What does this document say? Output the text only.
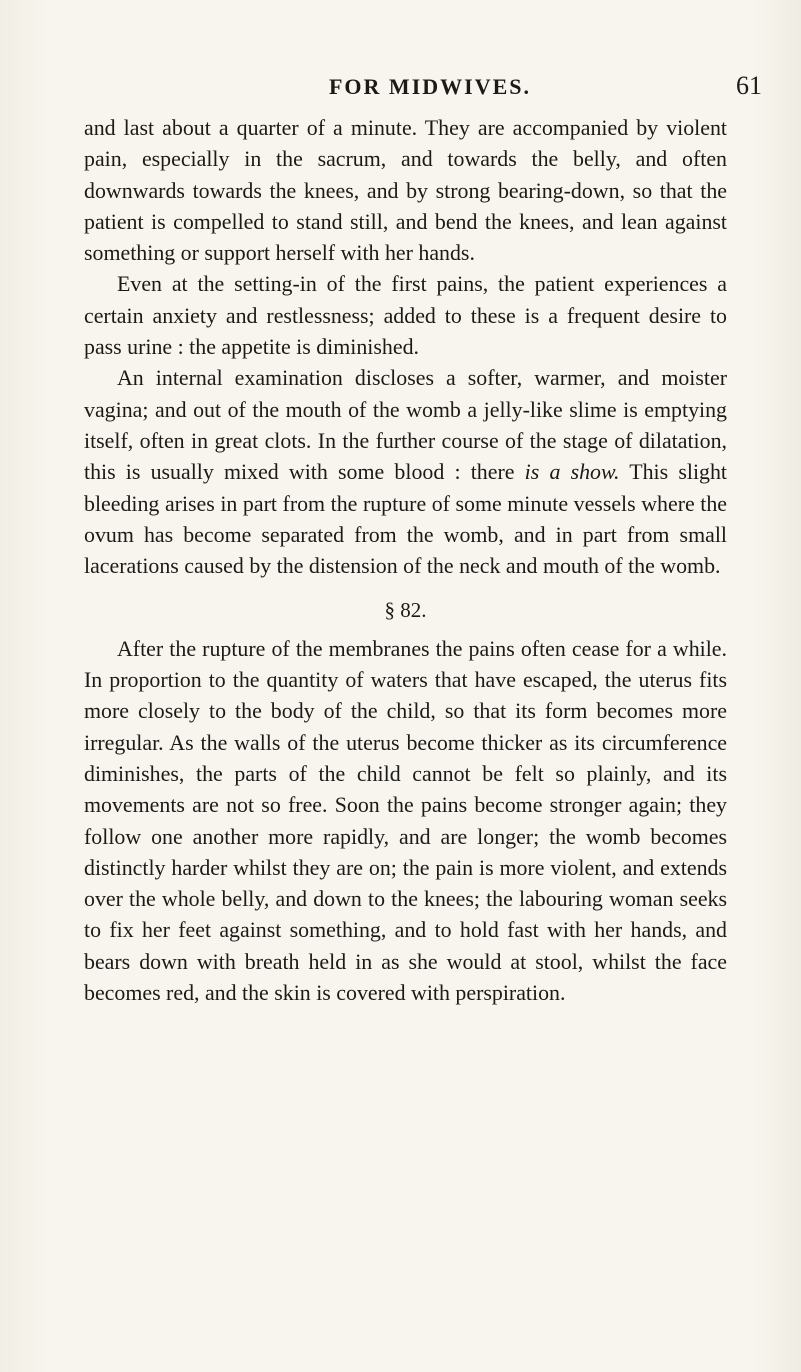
FOR MIDWIVES.	61

and last about a quarter of a minute. They are accompanied by violent pain, especially in the sacrum, and towards the belly, and often downwards towards the knees, and by strong bearing-down, so that the patient is compelled to stand still, and bend the knees, and lean against something or support herself with her hands.

Even at the setting-in of the first pains, the patient experiences a certain anxiety and restlessness; added to these is a frequent desire to pass urine : the appetite is diminished.

An internal examination discloses a softer, warmer, and moister vagina; and out of the mouth of the womb a jelly-like slime is emptying itself, often in great clots. In the further course of the stage of dilatation, this is usually mixed with some blood : there is a show. This slight bleeding arises in part from the rupture of some minute vessels where the ovum has become separated from the womb, and in part from small lacerations caused by the distension of the neck and mouth of the womb.

§ 82.

After the rupture of the membranes the pains often cease for a while. In proportion to the quantity of waters that have escaped, the uterus fits more closely to the body of the child, so that its form becomes more irregular. As the walls of the uterus become thicker as its circumference diminishes, the parts of the child cannot be felt so plainly, and its movements are not so free. Soon the pains become stronger again; they follow one another more rapidly, and are longer; the womb becomes distinctly harder whilst they are on; the pain is more violent, and extends over the whole belly, and down to the knees; the labouring woman seeks to fix her feet against something, and to hold fast with her hands, and bears down with breath held in as she would at stool, whilst the face becomes red, and the skin is covered with perspiration.
